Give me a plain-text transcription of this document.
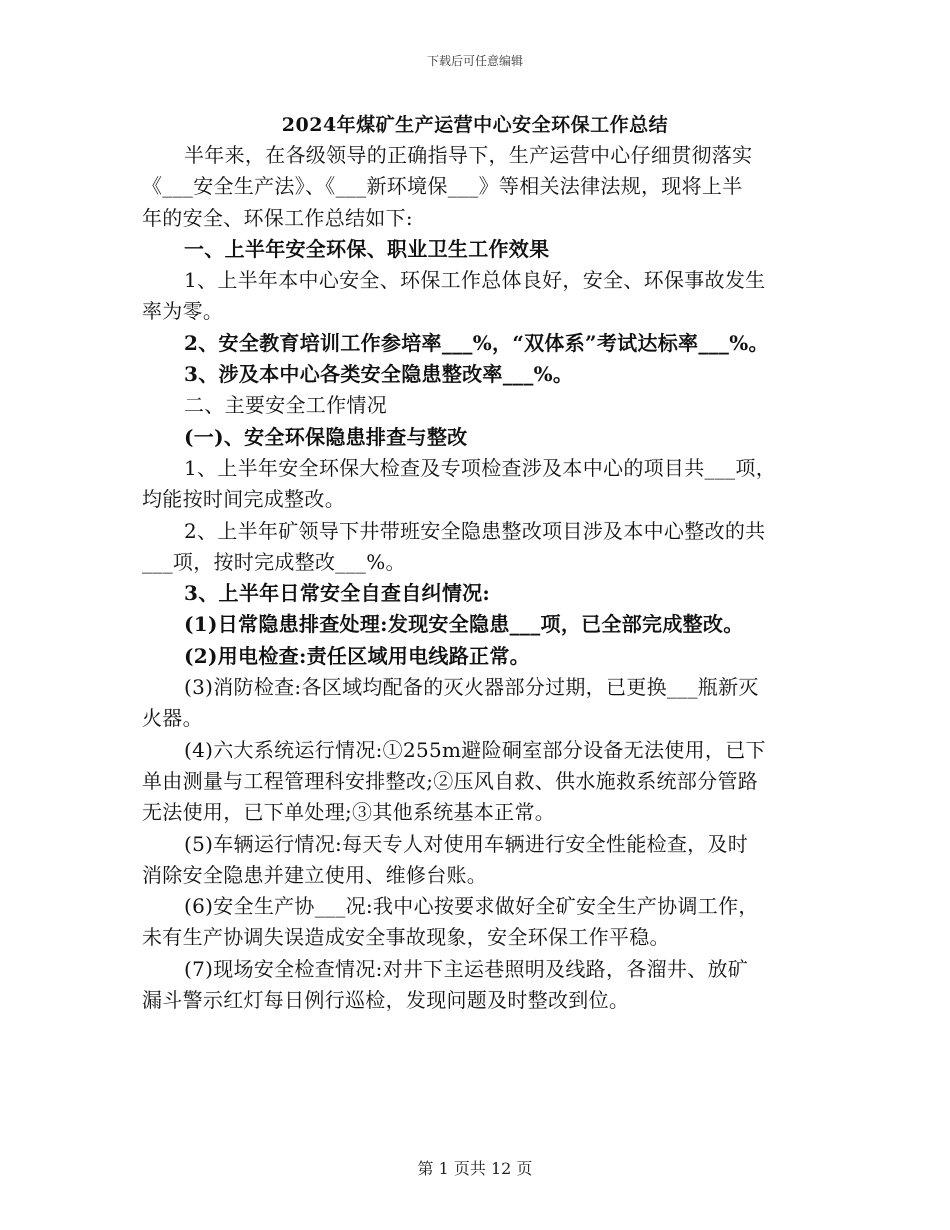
下载后可任意编辑
2024年煤矿生产运营中心安全环保工作总结
半年来，在各级领导的正确指导下，生产运营中心仔细贯彻落实
《___安全生产法》、《___新环境保___》等相关法律法规，现将上半
年的安全、环保工作总结如下:
一、上半年安全环保、职业卫生工作效果
1、上半年本中心安全、环保工作总体良好，安全、环保事故发生
率为零。
2、安全教育培训工作参培率___%，“双体系”考试达标率___%。
3、涉及本中心各类安全隐患整改率___%。
二、主要安全工作情况
(一)、安全环保隐患排查与整改
1、上半年安全环保大检查及专项检查涉及本中心的项目共___项，
均能按时间完成整改。
2、上半年矿领导下井带班安全隐患整改项目涉及本中心整改的共
___项，按时完成整改___%。
3、上半年日常安全自查自纠情况:
(1)日常隐患排查处理:发现安全隐患___项，已全部完成整改。
(2)用电检查:责任区域用电线路正常。
(3)消防检查:各区域均配备的灭火器部分过期，已更换___瓶新灭
火器。
(4)六大系统运行情况:①255m避险硐室部分设备无法使用，已下
单由测量与工程管理科安排整改;②压风自救、供水施救系统部分管路
无法使用，已下单处理;③其他系统基本正常。
(5)车辆运行情况:每天专人对使用车辆进行安全性能检查，及时
消除安全隐患并建立使用、维修台账。
(6)安全生产协___况:我中心按要求做好全矿安全生产协调工作，
未有生产协调失误造成安全事故现象，安全环保工作平稳。
(7)现场安全检查情况:对井下主运巷照明及线路，各溜井、放矿
漏斗警示红灯每日例行巡检，发现问题及时整改到位。
第 1 页共 12 页
